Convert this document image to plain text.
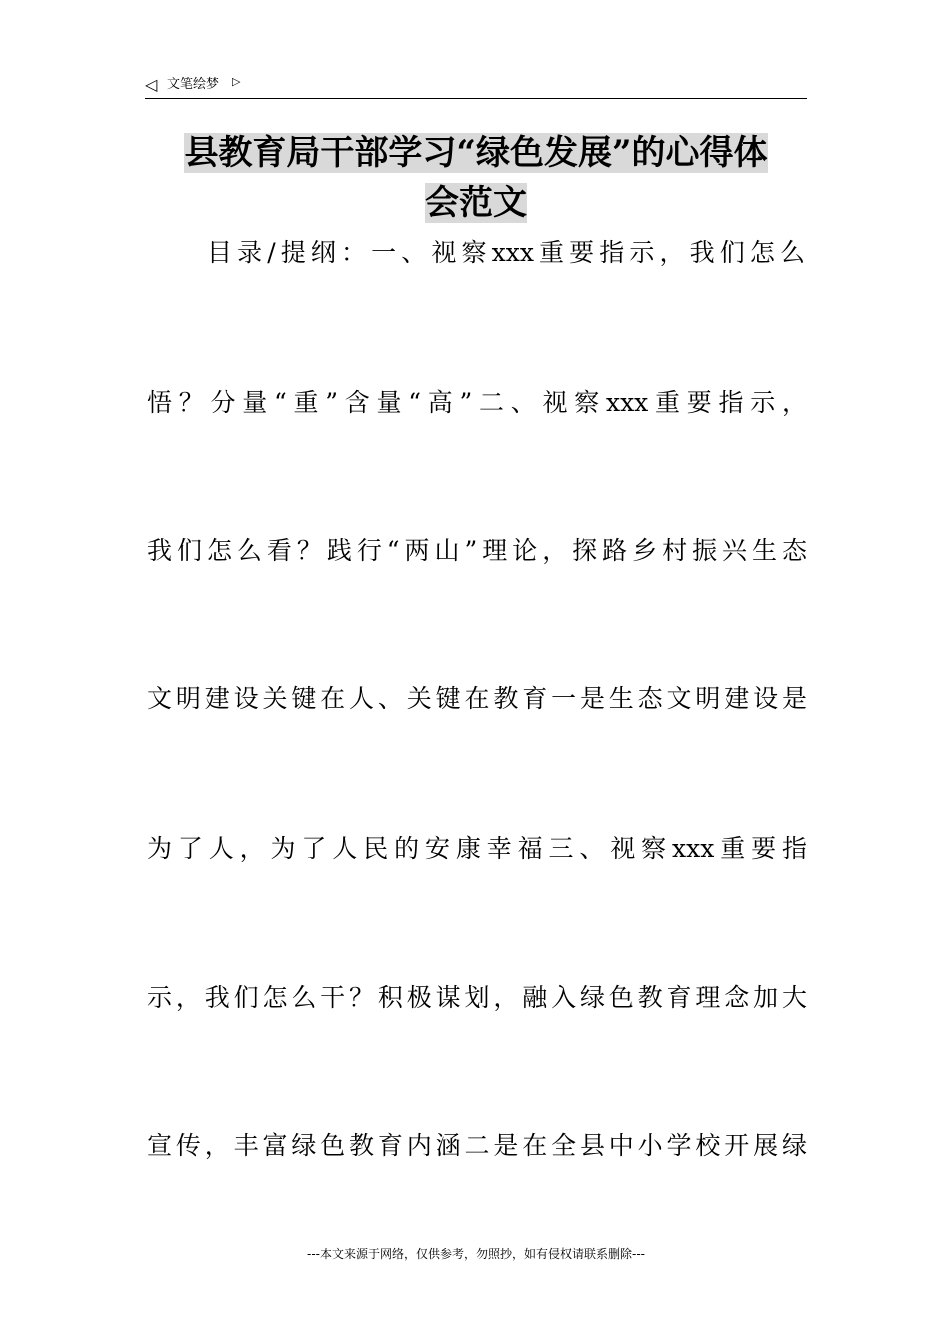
◁ 文笔绘梦 ▷
县教育局干部学习“绿色发展”的心得体
会范文

目录/提纲：一、视察xxx重要指示，我们怎么

悟？分量“重”含量“高”二、视察xxx重要指示，

我们怎么看？践行“两山”理论，探路乡村振兴生态

文明建设关键在人、关键在教育一是生态文明建设是

为了人，为了人民的安康幸福三、视察xxx重要指

示，我们怎么干？积极谋划，融入绿色教育理念加大

宣传，丰富绿色教育内涵二是在全县中小学校开展绿

---本文来源于网络，仅供参考，勿照抄，如有侵权请联系删除---
